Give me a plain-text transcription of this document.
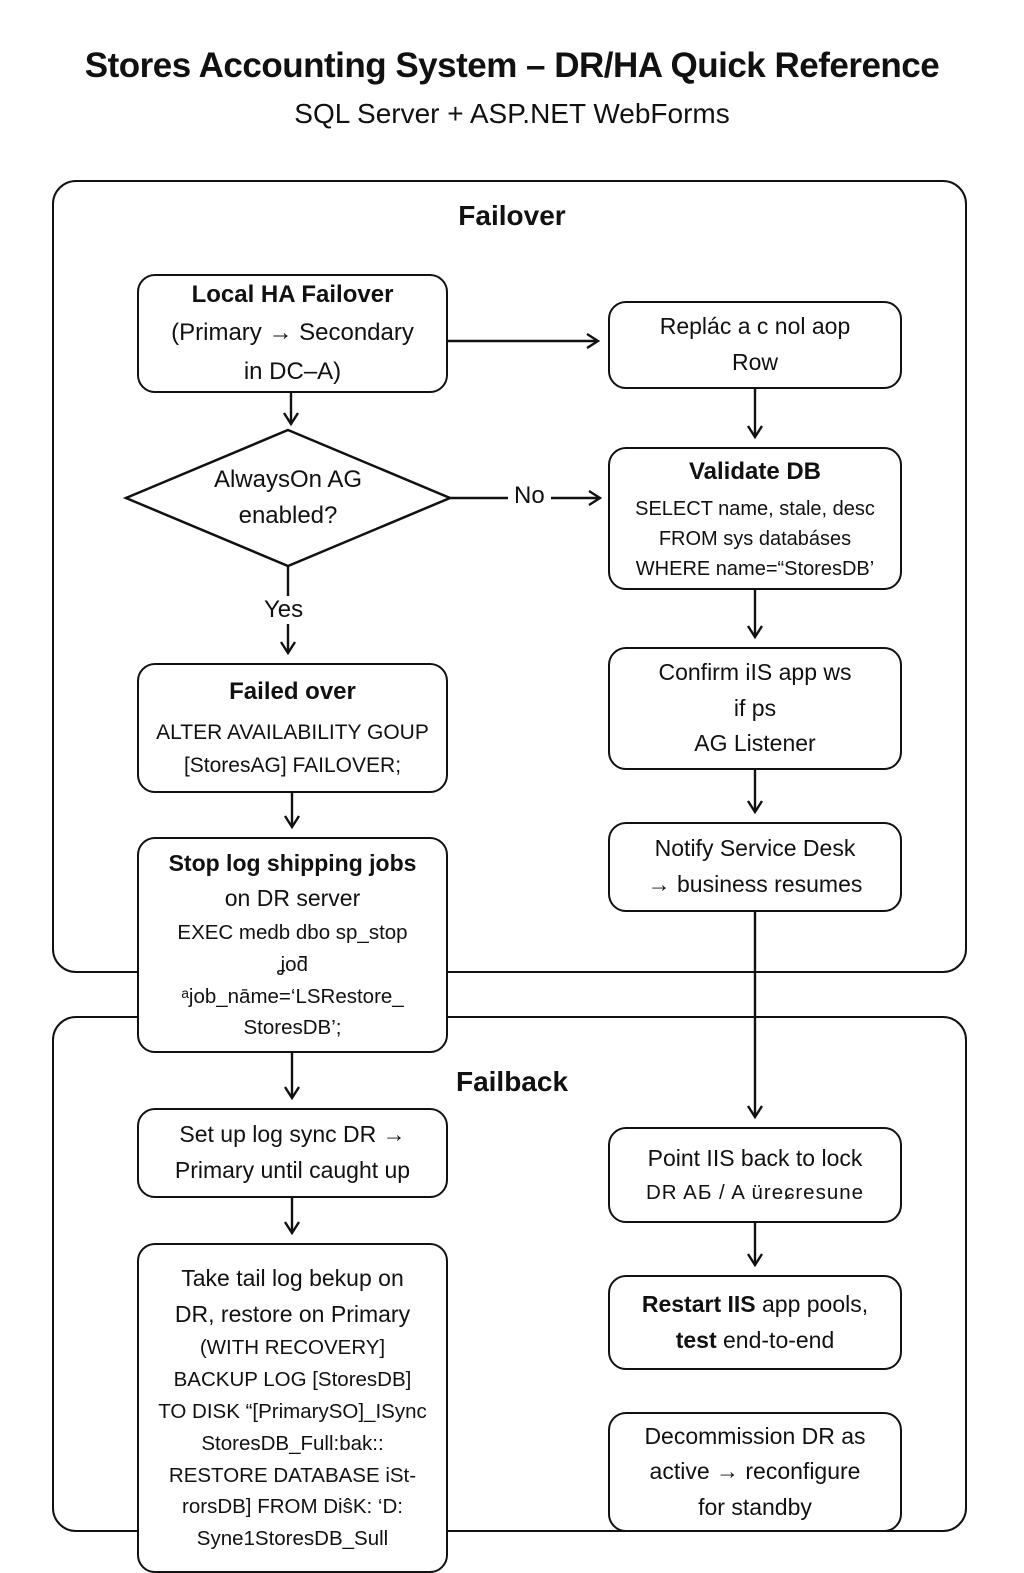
Stores Accounting System – DR/HA Quick Reference
SQL Server + ASP.NET WebForms
Failover
Failback
Yes
No
AlwaysOn AG
enabled?
Local HA Failover
(Primary → Secondary
in DC–A)
Replác a c nol aop
Row
Validate DB
SELECT name, stale, desc
FROM sys databáses
WHERE name=“StoresDB’
Failed over
ALTER AVAILABILITY GOUP
[StoresAG] FAILOVER;
Confirm iIS app ws
if ps
AG Listener
Notify Service Desk
→ business resumes
Stop log shipping jobs
on DR server
EXEC medb dbo sp_stop
ʝoƌ
ᵃjob_nāme=‘LSRestore_
StoresDB’;
Set up log sync DR →
Primary until caught up
Take tail log bekup on
DR, restore on Primary
(WITH RECOVERY]
BACKUP LOG [StoresDB]
TO DISK “[PrimarySO]_ISync
StoresDB_Full:bak::
RESTORE DATABASE iSt-
rorsDB] FROM DiŝK: ‘D:
Syne1StoresDB_Sull
Point IIS back to lock
DR AƂ / A üreɕresune
Restart IIS app pools,
test end-to-end
Decommission DR as
active → reconfigure
for standby
